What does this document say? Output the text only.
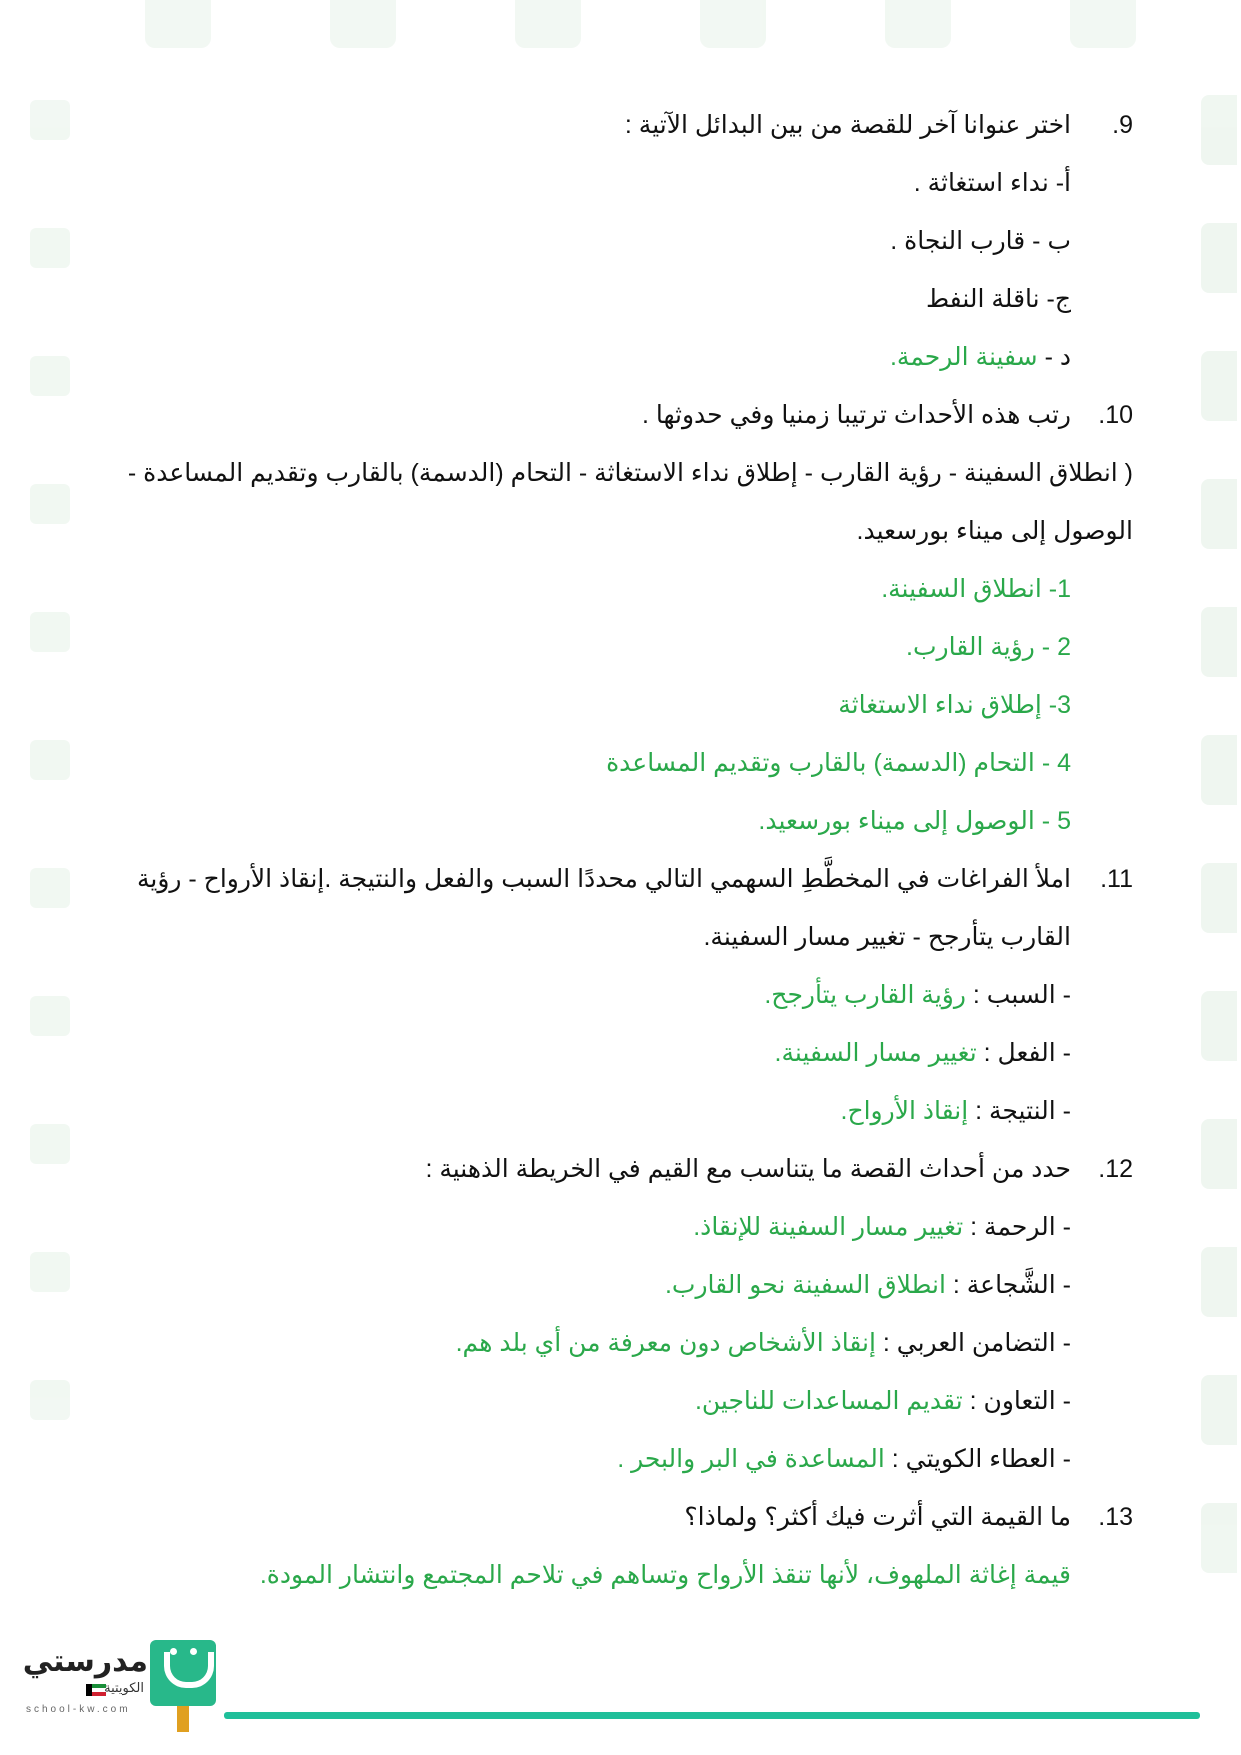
9.اختر عنوانا آخر للقصة من بين البدائل الآتية :
أ- نداء استغاثة .
ب - قارب النجاة .
ج- ناقلة النفط
د - سفينة الرحمة.
10.رتب هذه الأحداث ترتيبا زمنيا وفي حدوثها .
( انطلاق السفينة - رؤية القارب - إطلاق نداء الاستغاثة - التحام (الدسمة) بالقارب وتقديم المساعدة -
الوصول إلى ميناء بورسعيد.
1- انطلاق السفينة.
2 - رؤية القارب.
3- إطلاق نداء الاستغاثة
4 - التحام (الدسمة) بالقارب وتقديم المساعدة
5 - الوصول إلى ميناء بورسعيد.
11.املأ الفراغات في المخطَّطِ السهمي التالي محددًا السبب والفعل والنتيجة .إنقاذ الأرواح - رؤية
القارب يتأرجح - تغيير مسار السفينة.
- السبب : رؤية القارب يتأرجح.
- الفعل : تغيير مسار السفينة.
- النتيجة : إنقاذ الأرواح.
12.حدد من أحداث القصة ما يتناسب مع القيم في الخريطة الذهنية :
- الرحمة : تغيير مسار السفينة للإنقاذ.
- الشَّجاعة : انطلاق السفينة نحو القارب.
- التضامن العربي : إنقاذ الأشخاص دون معرفة من أي بلد هم.
- التعاون : تقديم المساعدات للناجين.
- العطاء الكويتي : المساعدة في البر والبحر .
13.ما القيمة التي أثرت فيك أكثر؟ ولماذا؟
قيمة إغاثة الملهوف، لأنها تنقذ الأرواح وتساهم في تلاحم المجتمع وانتشار المودة.
مدرستي
الكويتية
school-kw.com
